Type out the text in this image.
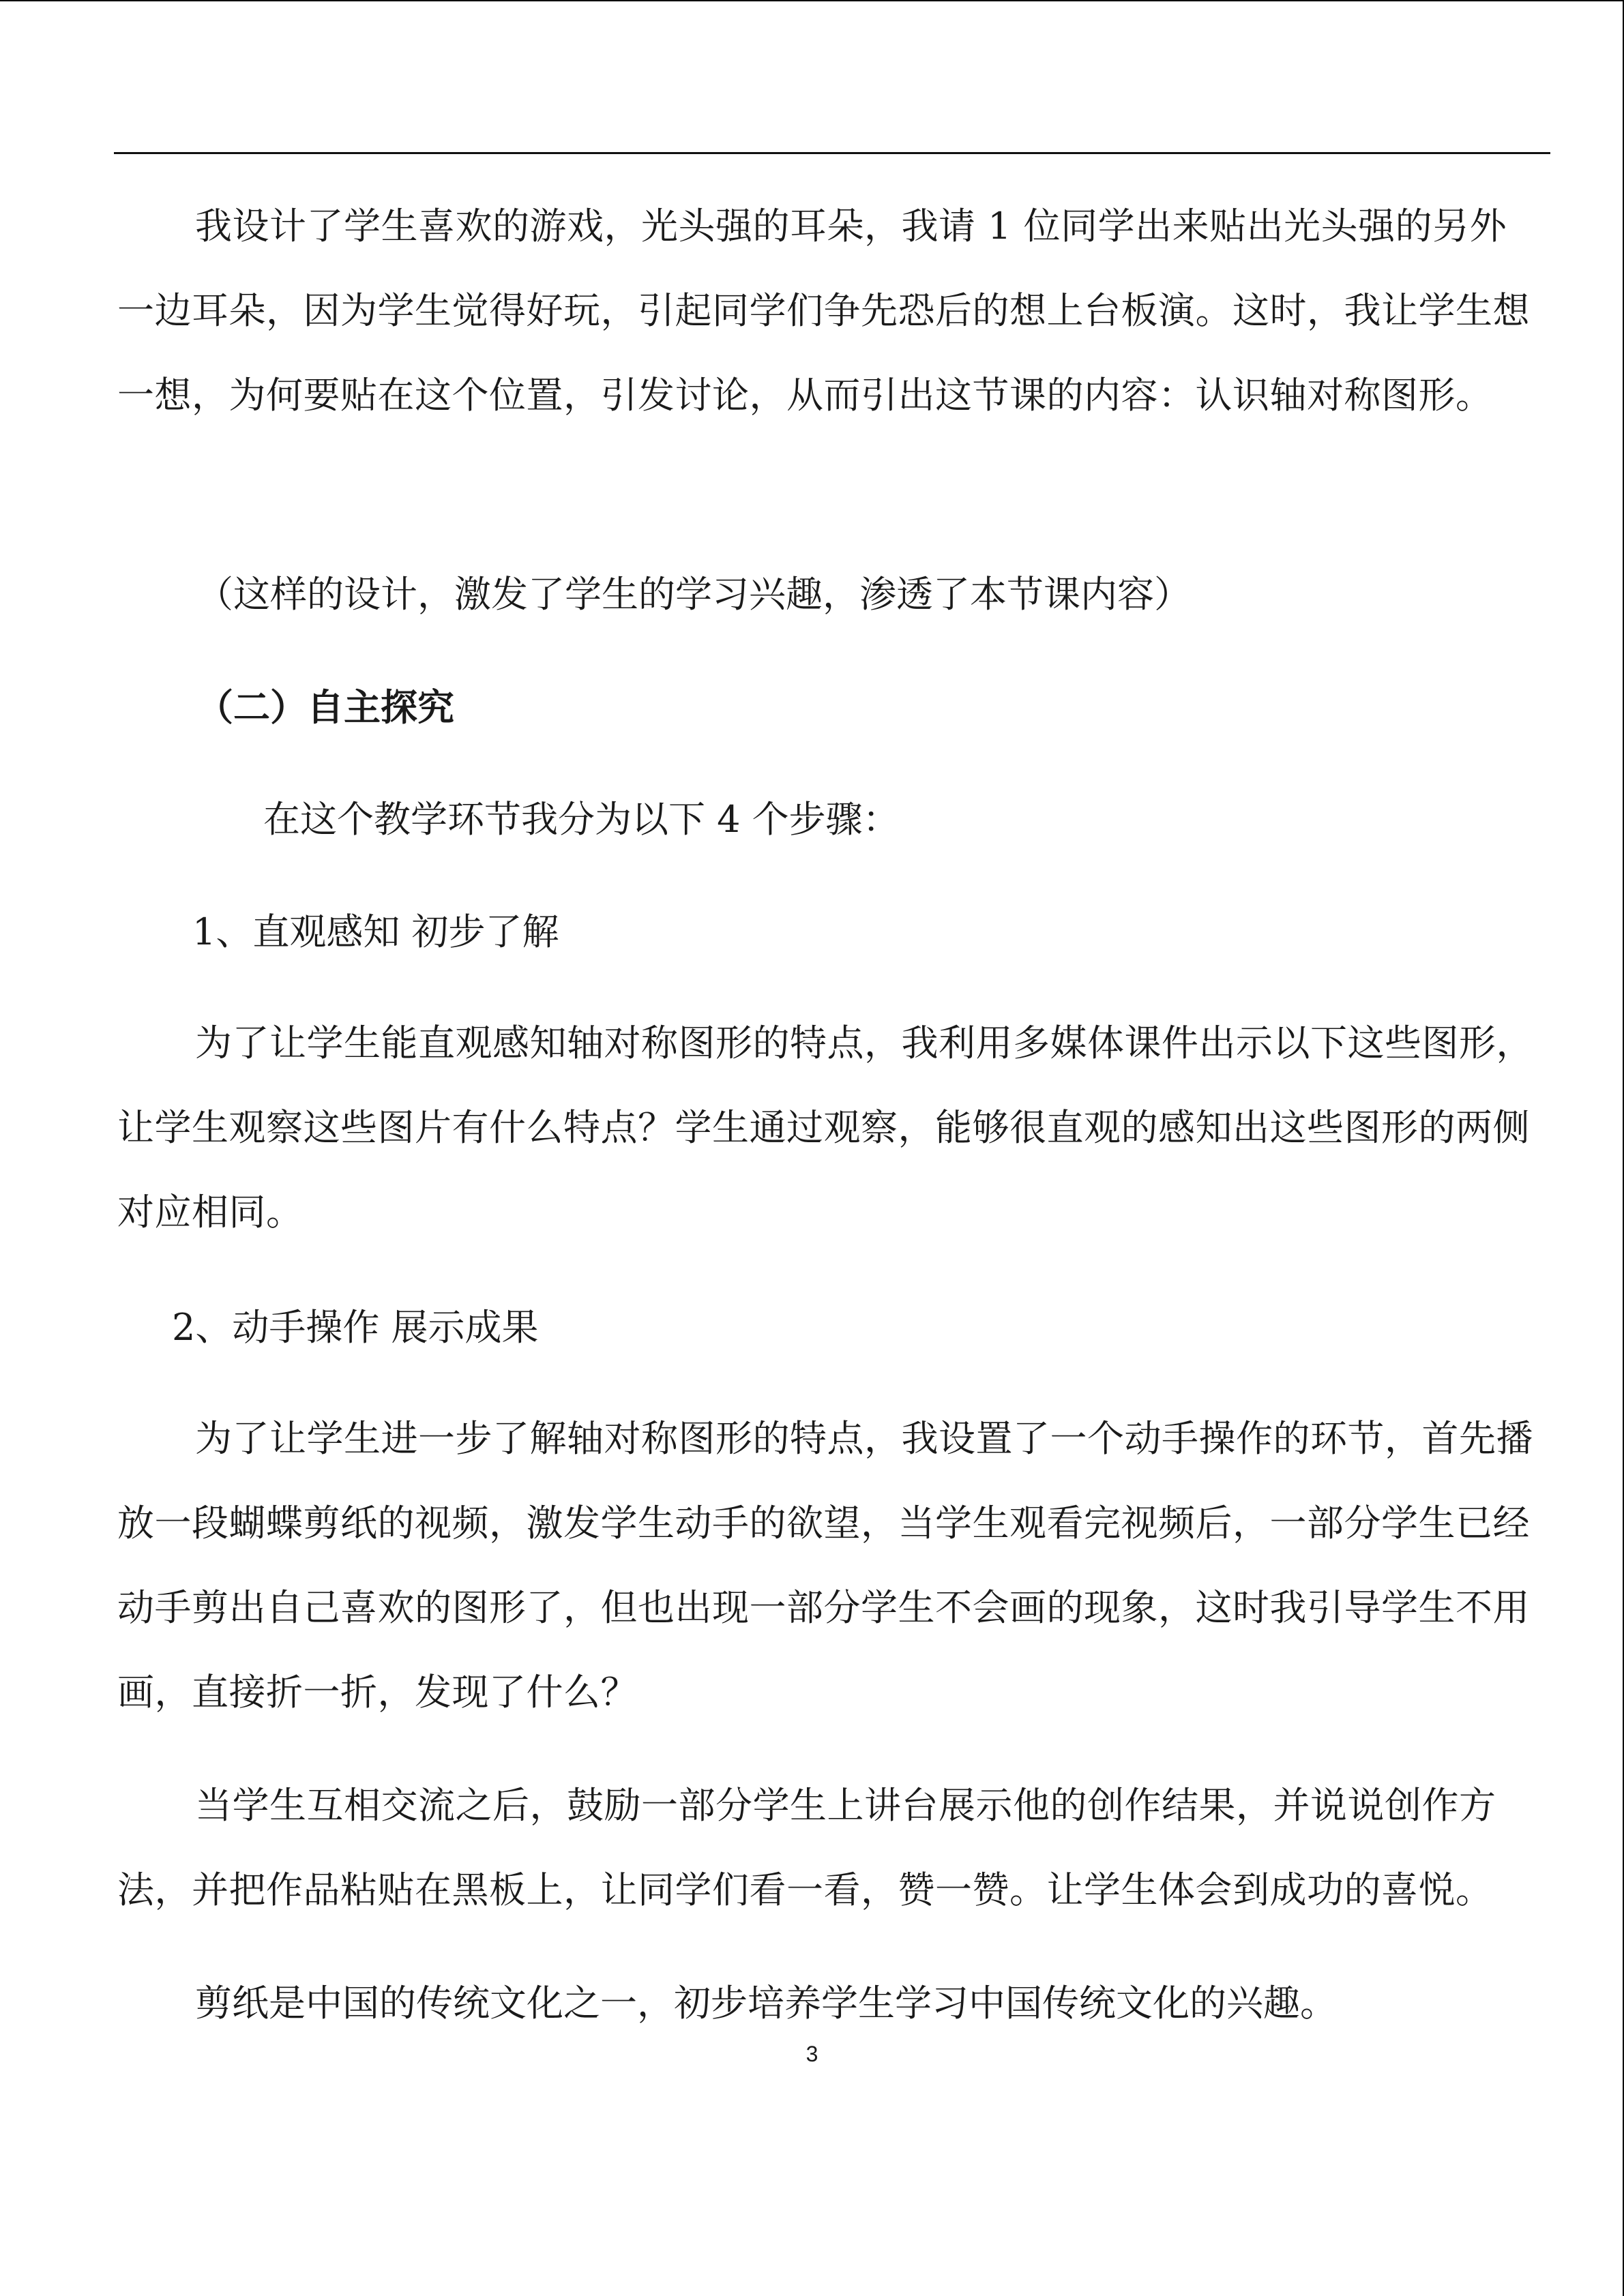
我设计了学生喜欢的游戏，光头强的耳朵，我请 1 位同学出来贴出光头强的另外一边耳朵，因为学生觉得好玩，引起同学们争先恐后的想上台板演。这时，我让学生想一想，为何要贴在这个位置，引发讨论，从而引出这节课的内容：认识轴对称图形。

（这样的设计，激发了学生的学习兴趣，渗透了本节课内容）

（二）自主探究

在这个教学环节我分为以下 4 个步骤：

1、直观感知 初步了解

为了让学生能直观感知轴对称图形的特点，我利用多媒体课件出示以下这些图形，让学生观察这些图片有什么特点？学生通过观察，能够很直观的感知出这些图形的两侧对应相同。

2、动手操作 展示成果

为了让学生进一步了解轴对称图形的特点，我设置了一个动手操作的环节，首先播放一段蝴蝶剪纸的视频，激发学生动手的欲望，当学生观看完视频后，一部分学生已经动手剪出自己喜欢的图形了，但也出现一部分学生不会画的现象，这时我引导学生不用画，直接折一折，发现了什么？

当学生互相交流之后，鼓励一部分学生上讲台展示他的创作结果，并说说创作方法，并把作品粘贴在黑板上，让同学们看一看，赞一赞。让学生体会到成功的喜悦。

剪纸是中国的传统文化之一，初步培养学生学习中国传统文化的兴趣。

3
